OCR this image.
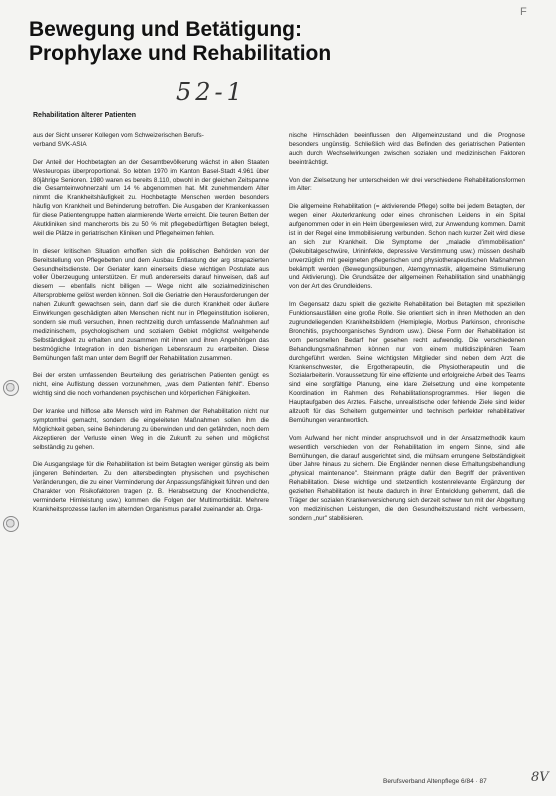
F
Bewegung und Betätigung:
Prophylaxe und Rehabilitation
52-1
Rehabilitation älterer Patienten

aus der Sicht unserer Kollegen vom Schweizerischen Berufs-
verband SVK-ASIA

Der Anteil der Hochbetagten an der Gesamtbevölkerung wächst in allen Staaten Westeuropas überproportional. So lebten 1970 im Kanton Basel-Stadt 4.961 über 80jährige Senioren. 1980 waren es bereits 8.110, obwohl in der gleichen Zeitspanne die Gesamteinwohnerzahl um 14 % abgenommen hat. Mit zunehmendem Alter nimmt die Krankheitshäufigkeit zu. Hochbetagte Menschen werden besonders häufig von Krankheit und Behinderung betroffen. Die Ausgaben der Krankenkassen für diese Patientengruppe hatten alarmierende Werte erreicht. Die teuren Betten der Akutkliniken sind mancherorts bis zu 50 % mit pflegebedürftigen Betagten belegt, weil die Plätze in geriatrischen Kliniken und Pflegeheimen fehlen.

In dieser kritischen Situation erhoffen sich die politischen Behörden von der Bereitstellung von Pflegebetten und dem Ausbau Entlastung der arg strapazierten Gesundheitsdienste. Der Geriater kann einerseits diese wichtigen Postulate aus voller Überzeugung unterstützen. Er muß andererseits darauf hinweisen, daß auf diesem — ebenfalls nicht billigen — Wege nicht alle sozialmedizinischen Altersprobleme gelöst werden können. Soll die Geriatrie den Herausforderungen der nahen Zukunft gewachsen sein, dann darf sie die durch Krankheit oder äußere Einwirkungen geschädigten alten Menschen nicht nur in Pflegeinstitution isolieren, sondern sie muß versuchen, ihnen rechtzeitig durch umfassende Maßnahmen auf medizinischem, psychologischem und sozialem Gebiet möglichst weitgehende Selbständigkeit zu erhalten und zusammen mit ihnen und ihren Angehörigen das bestmögliche Integration in den bisherigen Lebensraum zu erarbeiten. Diese Bemühungen faßt man unter dem Begriff der Rehabilitation zusammen.

Bei der ersten umfassenden Beurteilung des geriatrischen Patienten genügt es nicht, eine Auflistung dessen vorzunehmen, „was dem Patienten fehlt". Ebenso wichtig sind die noch vorhandenen psychischen und körperlichen Fähigkeiten.

Der kranke und hilflose alte Mensch wird im Rahmen der Rehabilitation nicht nur symptomfrei gemacht, sondern die eingeleiteten Maßnahmen sollen ihm die Möglichkeit geben, seine Behinderung zu überwinden und den gefährden, noch dem Akzeptieren der Verluste einen Weg in die Zukunft zu sehen und möglichst selbständig zu gehen.

Die Ausgangslage für die Rehabilitation ist beim Betagten weniger günstig als beim jüngeren Behinderten. Zu den altersbedingten physischen und psychischen Veränderungen, die zu einer Verminderung der Anpassungsfähigkeit führen und den Charakter von Risikofaktoren tragen (z. B. Herabsetzung der Knochendichte, verminderte Hirnleistung usw.) kommen die Folgen der Multimorbidität. Mehrere Krankheitsprozesse laufen im alternden Organismus parallel zueinander ab. Orga-

nische Hirnschäden beeinflussen den Allgemeinzustand und die Prognose besonders ungünstig. Schließlich wird das Befinden des geriatrischen Patienten auch durch Wechselwirkungen zwischen sozialen und medizinischen Faktoren beeinträchtigt.

Von der Zielsetzung her unterscheiden wir drei verschiedene Rehabilitationsformen im Alter:

Die allgemeine Rehabilitation (= aktivierende Pflege) sollte bei jedem Betagten, der wegen einer Akuterkrankung oder eines chronischen Leidens in ein Spital aufgenommen oder in ein Heim übergewiesen wird, zur Anwendung kommen. Damit ist in der Regel eine Immobilisierung verbunden. Schon nach kurzer Zeit wird diese an sich zur Krankheit. Die Symptome der „maladie d'immobilisation" (Dekubitalgeschwüre, Urininfekte, depressive Verstimmung usw.) müssen deshalb unverzüglich mit geeigneten pflegerischen und physiotherapeutischen Maßnahmen bekämpft werden (Bewegungsübungen, Atemgymnastik, allgemeine Stimulierung und Aktivierung). Die Grundsätze der allgemeinen Rehabilitation sind unabhängig von der Art des Grundleidens.

Im Gegensatz dazu spielt die gezielte Rehabilitation bei Betagten mit speziellen Funktionsausfällen eine große Rolle. Sie orientiert sich in ihren Methoden an den zugrundeliegenden Krankheitsbildern (Hemiplegie, Morbus Parkinson, chronische Bronchitis, psychoorganisches Syndrom usw.). Diese Form der Rehabilitation ist vom personellen Bedarf her gesehen recht aufwendig. Die verschiedenen Behandlungsmaßnahmen können nur von einem multidisziplinären Team durchgeführt werden. Seine wichtigsten Mitglieder sind neben dem Arzt die Krankenschwester, die Ergotherapeutin, die Physiotherapeutin und die Sozialarbeiterin. Voraussetzung für eine effiziente und erfolgreiche Arbeit des Teams sind eine sorgfältige Planung, eine klare Zielsetzung und eine kompetente Koordination im Rahmen des Rehabilitationsprogrammes. Hier liegen die Hauptaufgaben des Arztes. Falsche, unrealistische oder fehlende Ziele sind leider allzuoft für das Scheitern gutgemeinter und technisch perfekter rehabilitativer Bemühungen verantwortlich.

Vom Aufwand her nicht minder anspruchsvoll und in der Ansatzmethodik kaum wesentlich verschieden von der Rehabilitation im engern Sinne, sind alle Bemühungen, die darauf ausgerichtet sind, die mühsam errungene Selbständigkeit über Jahre hinaus zu sichern. Die Engländer nennen diese Erhaltungsbehandlung „physical maintenance". Steinmann prägte dafür den Begriff der präventiven Rehabilitation. Diese wichtige und stetzentlich kostenrelevante Ergänzung der gezielten Rehabilitation ist heute dadurch in ihrer Entwicklung gehemmt, daß die Träger der sozialen Krankenversicherung sich derzeit schwer tun mit der Abgeltung von medizinischen Leistungen, die den Gesundheitszustand nicht verbessern, sondern „nur" stabilisieren.

Berufsverband Altenpflege 6/84 · 87	8V
